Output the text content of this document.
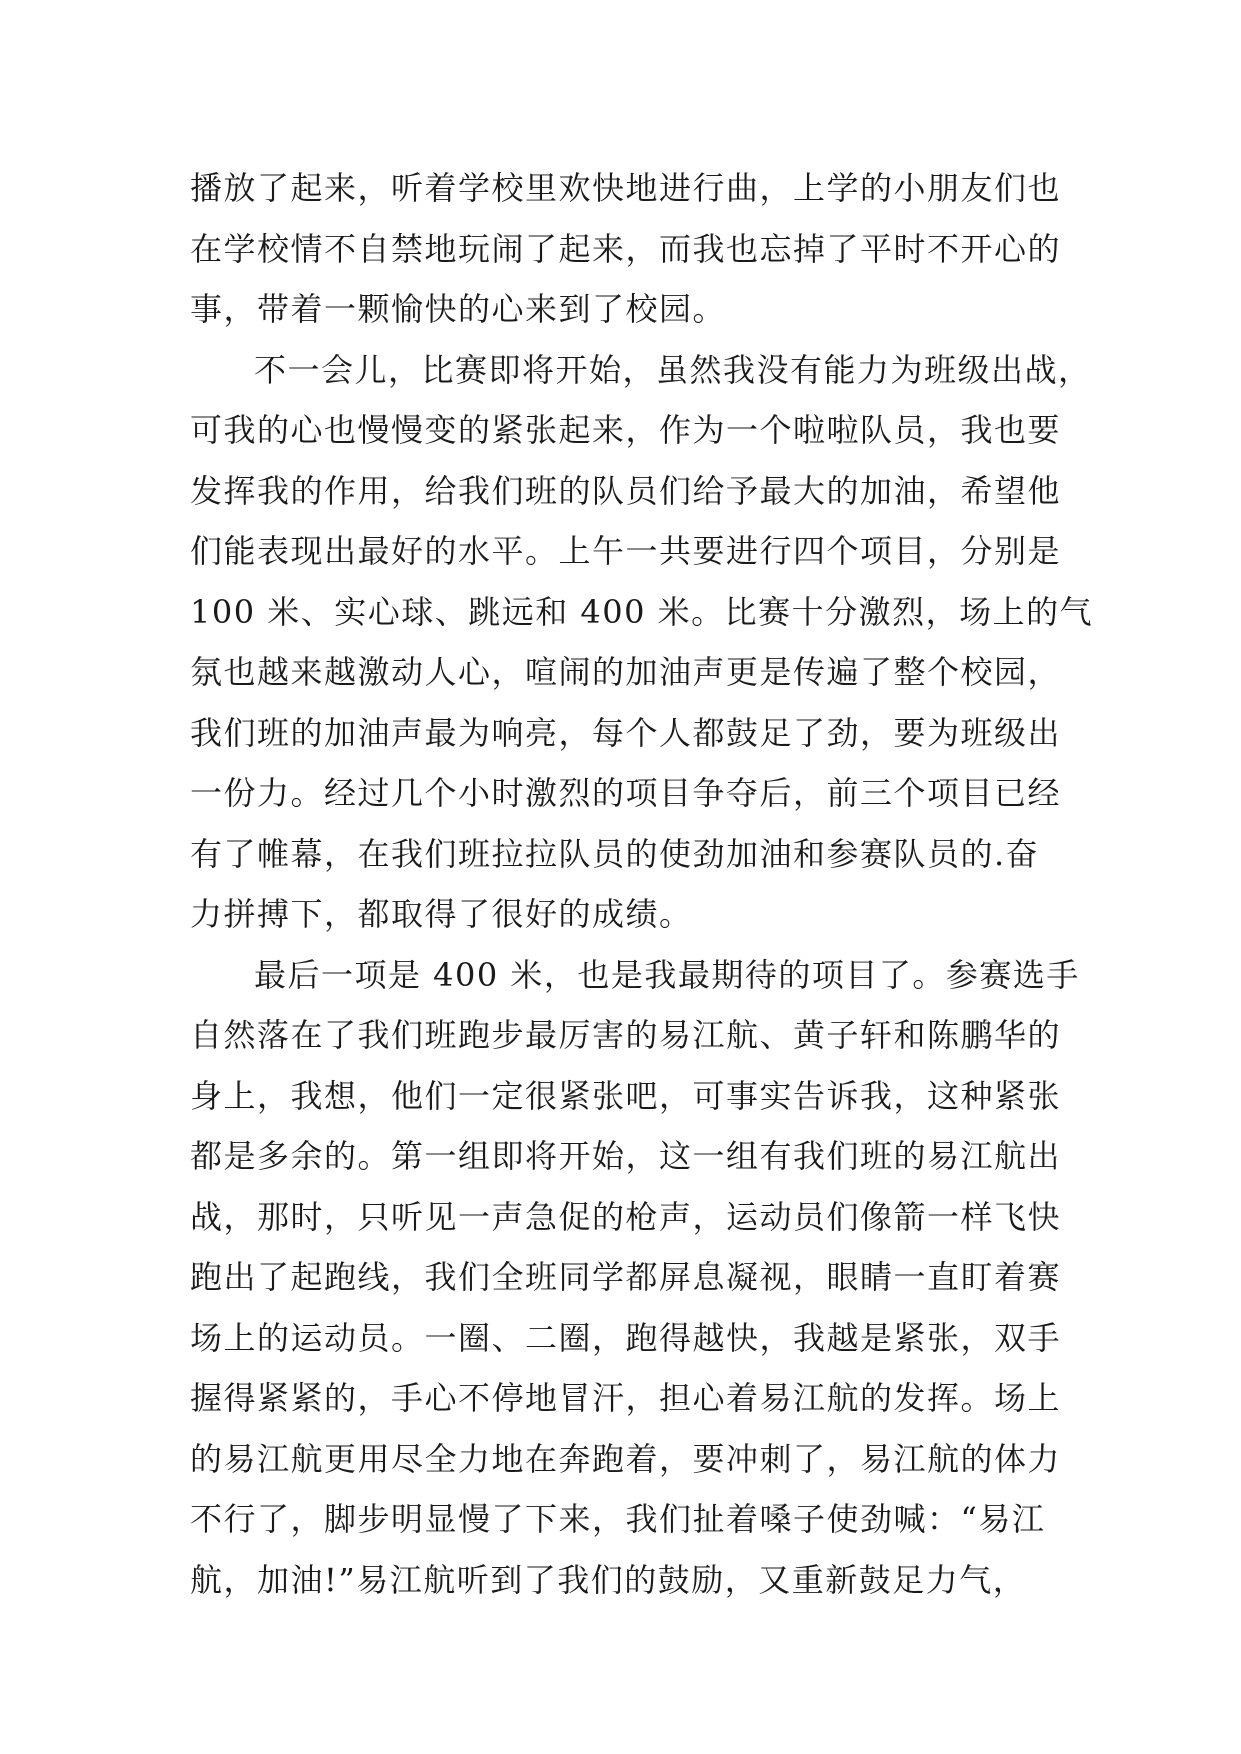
播放了起来，听着学校里欢快地进行曲，上学的小朋友们也
在学校情不自禁地玩闹了起来，而我也忘掉了平时不开心的
事，带着一颗愉快的心来到了校园。
不一会儿，比赛即将开始，虽然我没有能力为班级出战，
可我的心也慢慢变的紧张起来，作为一个啦啦队员，我也要
发挥我的作用，给我们班的队员们给予最大的加油，希望他
们能表现出最好的水平。上午一共要进行四个项目，分别是
100 米、实心球、跳远和 400 米。比赛十分激烈，场上的气
氛也越来越激动人心，喧闹的加油声更是传遍了整个校园，
我们班的加油声最为响亮，每个人都鼓足了劲，要为班级出
一份力。经过几个小时激烈的项目争夺后，前三个项目已经
有了帷幕，在我们班拉拉队员的使劲加油和参赛队员的.奋
力拼搏下，都取得了很好的成绩。
最后一项是 400 米，也是我最期待的项目了。参赛选手
自然落在了我们班跑步最厉害的易江航、黄子轩和陈鹏华的
身上，我想，他们一定很紧张吧，可事实告诉我，这种紧张
都是多余的。第一组即将开始，这一组有我们班的易江航出
战，那时，只听见一声急促的枪声，运动员们像箭一样飞快
跑出了起跑线，我们全班同学都屏息凝视，眼睛一直盯着赛
场上的运动员。一圈、二圈，跑得越快，我越是紧张，双手
握得紧紧的，手心不停地冒汗，担心着易江航的发挥。场上
的易江航更用尽全力地在奔跑着，要冲刺了，易江航的体力
不行了，脚步明显慢了下来，我们扯着嗓子使劲喊：“易江
航，加油!”易江航听到了我们的鼓励，又重新鼓足力气，
